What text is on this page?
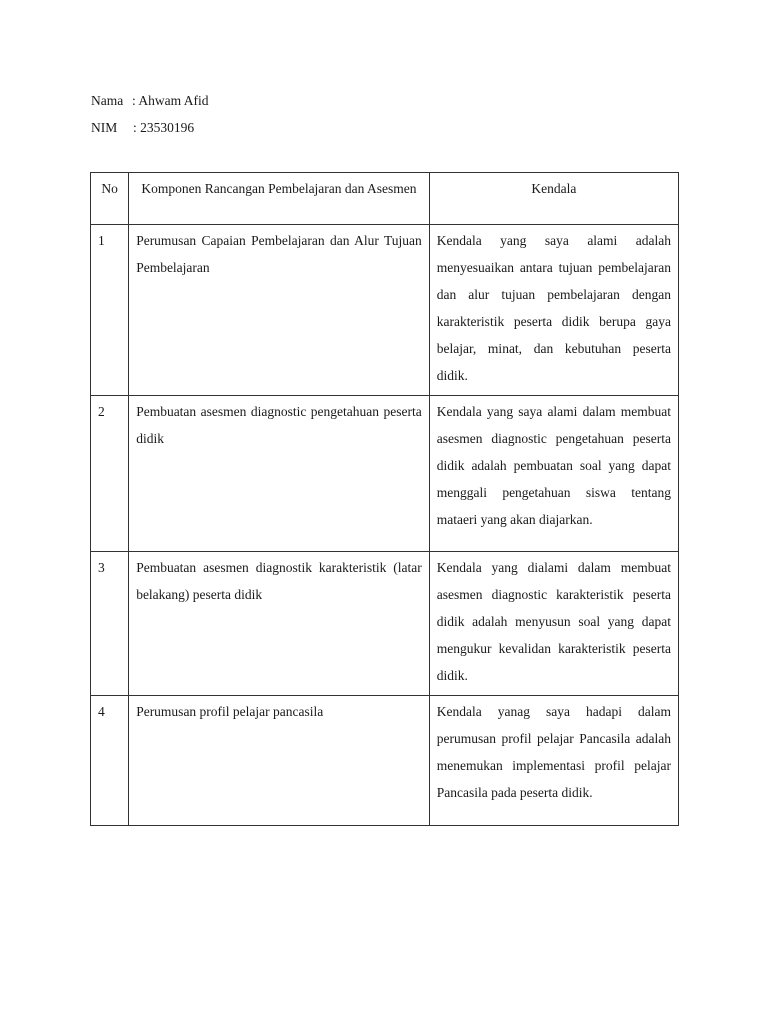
Nama : Ahwam Afid
NIM : 23530196
No	Komponen Rancangan Pembelajaran dan Asesmen	Kendala
1	Perumusan Capaian Pembelajaran dan Alur Tujuan Pembelajaran	Kendala yang saya alami adalah menyesuaikan antara tujuan pembelajaran dan alur tujuan pembelajaran dengan karakteristik peserta didik berupa gaya belajar, minat, dan kebutuhan peserta didik.
2	Pembuatan asesmen diagnostic pengetahuan peserta didik	Kendala yang saya alami dalam membuat asesmen diagnostic pengetahuan peserta didik adalah pembuatan soal yang dapat menggali pengetahuan siswa tentang mataeri yang akan diajarkan.
3	Pembuatan asesmen diagnostik karakteristik (latar belakang) peserta didik	Kendala yang dialami dalam membuat asesmen diagnostic karakteristik peserta didik adalah menyusun soal yang dapat mengukur kevalidan karakteristik peserta didik.
4	Perumusan profil pelajar pancasila	Kendala yanag saya hadapi dalam perumusan profil pelajar Pancasila adalah menemukan implementasi profil pelajar Pancasila pada peserta didik.
